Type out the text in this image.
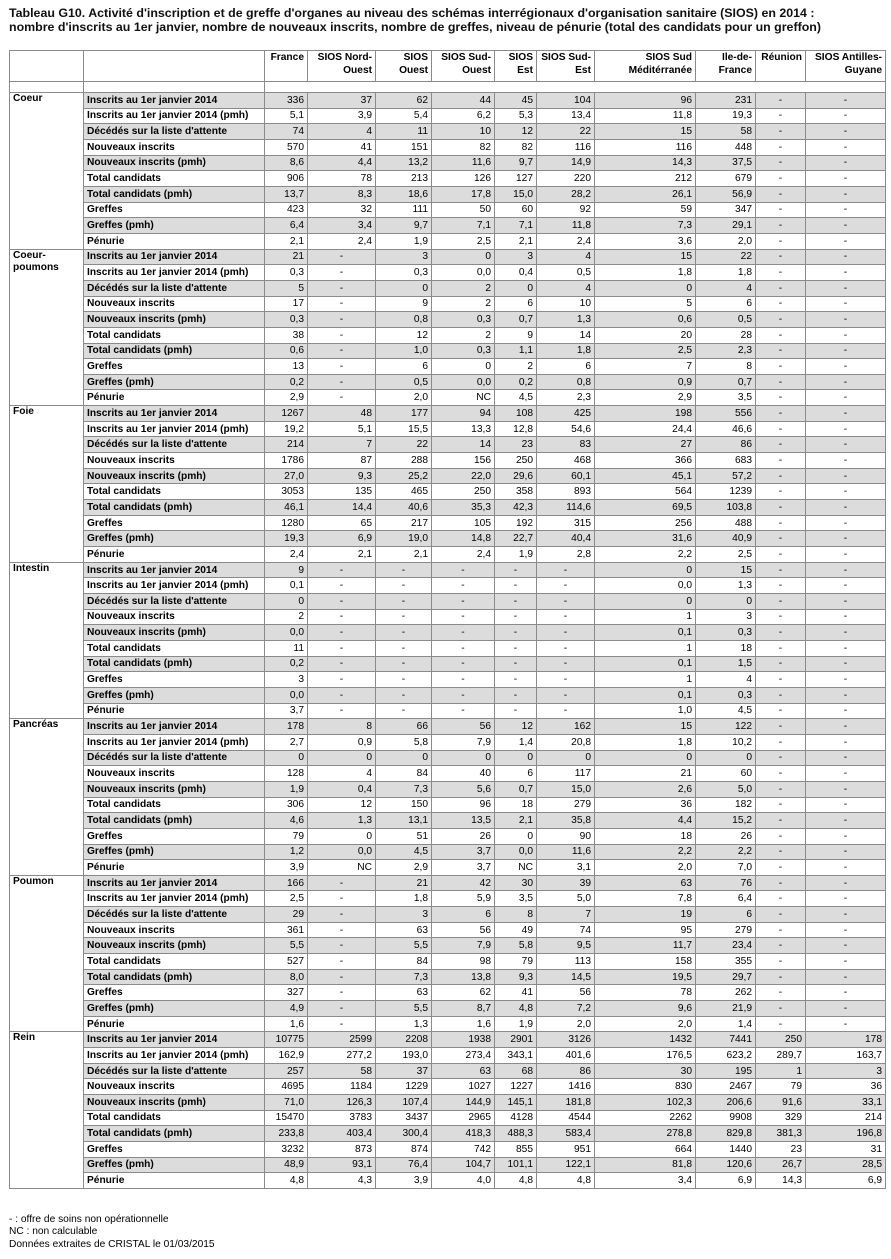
Tableau G10. Activité d'inscription et de greffe d'organes au niveau des schémas interrégionaux d'organisation sanitaire (SIOS) en 2014 :
nombre d'inscrits au 1er janvier, nombre de nouveaux inscrits, nombre de greffes, niveau de pénurie (total des candidats pour un greffon)
		France	SIOS Nord-Ouest	SIOS Ouest	SIOS Sud-Ouest	SIOS Est	SIOS Sud-Est	SIOS Sud Méditérranée	Ile-de-France	Réunion	SIOS Antilles-Guyane

Coeur	Inscrits au 1er janvier 2014	336	37	62	44	45	104	96	231	-	-
	Inscrits au 1er janvier 2014 (pmh)	5,1	3,9	5,4	6,2	5,3	13,4	11,8	19,3	-	-
	Décédés sur la liste d'attente	74	4	11	10	12	22	15	58	-	-
	Nouveaux inscrits	570	41	151	82	82	116	116	448	-	-
	Nouveaux inscrits (pmh)	8,6	4,4	13,2	11,6	9,7	14,9	14,3	37,5	-	-
	Total candidats	906	78	213	126	127	220	212	679	-	-
	Total candidats (pmh)	13,7	8,3	18,6	17,8	15,0	28,2	26,1	56,9	-	-
	Greffes	423	32	111	50	60	92	59	347	-	-
	Greffes (pmh)	6,4	3,4	9,7	7,1	7,1	11,8	7,3	29,1	-	-
	Pénurie	2,1	2,4	1,9	2,5	2,1	2,4	3,6	2,0	-	-
Coeur-poumons	Inscrits au 1er janvier 2014	21	-	3	0	3	4	15	22	-	-
	Inscrits au 1er janvier 2014 (pmh)	0,3	-	0,3	0,0	0,4	0,5	1,8	1,8	-	-
	Décédés sur la liste d'attente	5	-	0	2	0	4	0	4	-	-
	Nouveaux inscrits	17	-	9	2	6	10	5	6	-	-
	Nouveaux inscrits (pmh)	0,3	-	0,8	0,3	0,7	1,3	0,6	0,5	-	-
	Total candidats	38	-	12	2	9	14	20	28	-	-
	Total candidats (pmh)	0,6	-	1,0	0,3	1,1	1,8	2,5	2,3	-	-
	Greffes	13	-	6	0	2	6	7	8	-	-
	Greffes (pmh)	0,2	-	0,5	0,0	0,2	0,8	0,9	0,7	-	-
	Pénurie	2,9	-	2,0	NC	4,5	2,3	2,9	3,5	-	-
Foie	Inscrits au 1er janvier 2014	1267	48	177	94	108	425	198	556	-	-
	Inscrits au 1er janvier 2014 (pmh)	19,2	5,1	15,5	13,3	12,8	54,6	24,4	46,6	-	-
	Décédés sur la liste d'attente	214	7	22	14	23	83	27	86	-	-
	Nouveaux inscrits	1786	87	288	156	250	468	366	683	-	-
	Nouveaux inscrits (pmh)	27,0	9,3	25,2	22,0	29,6	60,1	45,1	57,2	-	-
	Total candidats	3053	135	465	250	358	893	564	1239	-	-
	Total candidats (pmh)	46,1	14,4	40,6	35,3	42,3	114,6	69,5	103,8	-	-
	Greffes	1280	65	217	105	192	315	256	488	-	-
	Greffes (pmh)	19,3	6,9	19,0	14,8	22,7	40,4	31,6	40,9	-	-
	Pénurie	2,4	2,1	2,1	2,4	1,9	2,8	2,2	2,5	-	-
Intestin	Inscrits au 1er janvier 2014	9	-	-	-	-	-	0	15	-	-
	Inscrits au 1er janvier 2014 (pmh)	0,1	-	-	-	-	-	0,0	1,3	-	-
	Décédés sur la liste d'attente	0	-	-	-	-	-	0	0	-	-
	Nouveaux inscrits	2	-	-	-	-	-	1	3	-	-
	Nouveaux inscrits (pmh)	0,0	-	-	-	-	-	0,1	0,3	-	-
	Total candidats	11	-	-	-	-	-	1	18	-	-
	Total candidats (pmh)	0,2	-	-	-	-	-	0,1	1,5	-	-
	Greffes	3	-	-	-	-	-	1	4	-	-
	Greffes (pmh)	0,0	-	-	-	-	-	0,1	0,3	-	-
	Pénurie	3,7	-	-	-	-	-	1,0	4,5	-	-
Pancréas	Inscrits au 1er janvier 2014	178	8	66	56	12	162	15	122	-	-
	Inscrits au 1er janvier 2014 (pmh)	2,7	0,9	5,8	7,9	1,4	20,8	1,8	10,2	-	-
	Décédés sur la liste d'attente	0	0	0	0	0	0	0	0	-	-
	Nouveaux inscrits	128	4	84	40	6	117	21	60	-	-
	Nouveaux inscrits (pmh)	1,9	0,4	7,3	5,6	0,7	15,0	2,6	5,0	-	-
	Total candidats	306	12	150	96	18	279	36	182	-	-
	Total candidats (pmh)	4,6	1,3	13,1	13,5	2,1	35,8	4,4	15,2	-	-
	Greffes	79	0	51	26	0	90	18	26	-	-
	Greffes (pmh)	1,2	0,0	4,5	3,7	0,0	11,6	2,2	2,2	-	-
	Pénurie	3,9	NC	2,9	3,7	NC	3,1	2,0	7,0	-	-
Poumon	Inscrits au 1er janvier 2014	166	-	21	42	30	39	63	76	-	-
	Inscrits au 1er janvier 2014 (pmh)	2,5	-	1,8	5,9	3,5	5,0	7,8	6,4	-	-
	Décédés sur la liste d'attente	29	-	3	6	8	7	19	6	-	-
	Nouveaux inscrits	361	-	63	56	49	74	95	279	-	-
	Nouveaux inscrits (pmh)	5,5	-	5,5	7,9	5,8	9,5	11,7	23,4	-	-
	Total candidats	527	-	84	98	79	113	158	355	-	-
	Total candidats (pmh)	8,0	-	7,3	13,8	9,3	14,5	19,5	29,7	-	-
	Greffes	327	-	63	62	41	56	78	262	-	-
	Greffes (pmh)	4,9	-	5,5	8,7	4,8	7,2	9,6	21,9	-	-
	Pénurie	1,6	-	1,3	1,6	1,9	2,0	2,0	1,4	-	-
Rein	Inscrits au 1er janvier 2014	10775	2599	2208	1938	2901	3126	1432	7441	250	178
	Inscrits au 1er janvier 2014 (pmh)	162,9	277,2	193,0	273,4	343,1	401,6	176,5	623,2	289,7	163,7
	Décédés sur la liste d'attente	257	58	37	63	68	86	30	195	1	3
	Nouveaux inscrits	4695	1184	1229	1027	1227	1416	830	2467	79	36
	Nouveaux inscrits (pmh)	71,0	126,3	107,4	144,9	145,1	181,8	102,3	206,6	91,6	33,1
	Total candidats	15470	3783	3437	2965	4128	4544	2262	9908	329	214
	Total candidats (pmh)	233,8	403,4	300,4	418,3	488,3	583,4	278,8	829,8	381,3	196,8
	Greffes	3232	873	874	742	855	951	664	1440	23	31
	Greffes (pmh)	48,9	93,1	76,4	104,7	101,1	122,1	81,8	120,6	26,7	28,5
	Pénurie	4,8	4,3	3,9	4,0	4,8	4,8	3,4	6,9	14,3	6,9
- : offre de soins non opérationnelle
NC : non calculable
Données extraites de CRISTAL le 01/03/2015
